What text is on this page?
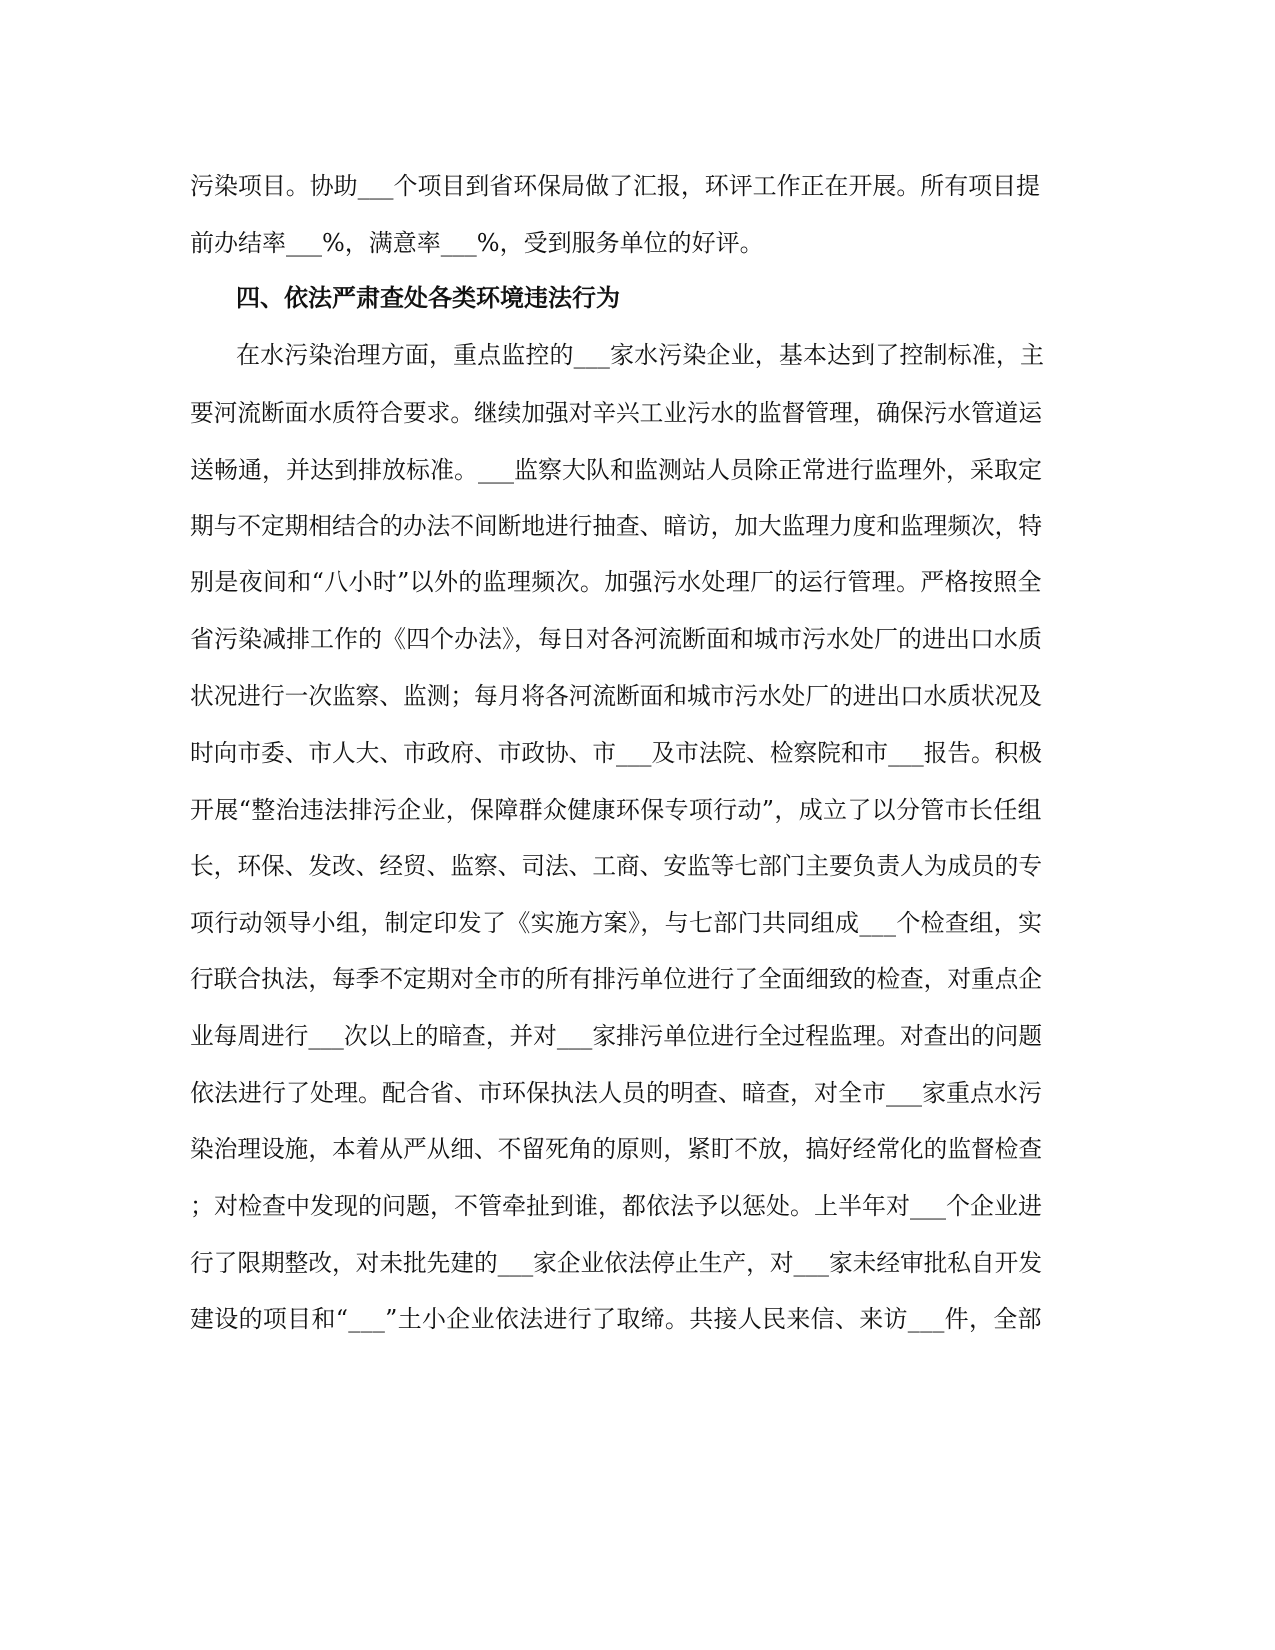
污染项目。协助___个项目到省环保局做了汇报，环评工作正在开展。所有项目提
前办结率___%，满意率___%，受到服务单位的好评。
四、依法严肃查处各类环境违法行为
在水污染治理方面，重点监控的___家水污染企业，基本达到了控制标准，主
要河流断面水质符合要求。继续加强对辛兴工业污水的监督管理，确保污水管道运
送畅通，并达到排放标准。___监察大队和监测站人员除正常进行监理外，采取定
期与不定期相结合的办法不间断地进行抽查、暗访，加大监理力度和监理频次，特
别是夜间和“八小时”以外的监理频次。加强污水处理厂的运行管理。严格按照全
省污染减排工作的《四个办法》，每日对各河流断面和城市污水处厂的进出口水质
状况进行一次监察、监测；每月将各河流断面和城市污水处厂的进出口水质状况及
时向市委、市人大、市政府、市政协、市___及市法院、检察院和市___报告。积极
开展“整治违法排污企业，保障群众健康环保专项行动”，成立了以分管市长任组
长，环保、发改、经贸、监察、司法、工商、安监等七部门主要负责人为成员的专
项行动领导小组，制定印发了《实施方案》，与七部门共同组成___个检查组，实
行联合执法，每季不定期对全市的所有排污单位进行了全面细致的检查，对重点企
业每周进行___次以上的暗查，并对___家排污单位进行全过程监理。对查出的问题
依法进行了处理。配合省、市环保执法人员的明查、暗查，对全市___家重点水污
染治理设施，本着从严从细、不留死角的原则，紧盯不放，搞好经常化的监督检查
；对检查中发现的问题，不管牵扯到谁，都依法予以惩处。上半年对___个企业进
行了限期整改，对未批先建的___家企业依法停止生产，对___家未经审批私自开发
建设的项目和“___”土小企业依法进行了取缔。共接人民来信、来访___件，全部
